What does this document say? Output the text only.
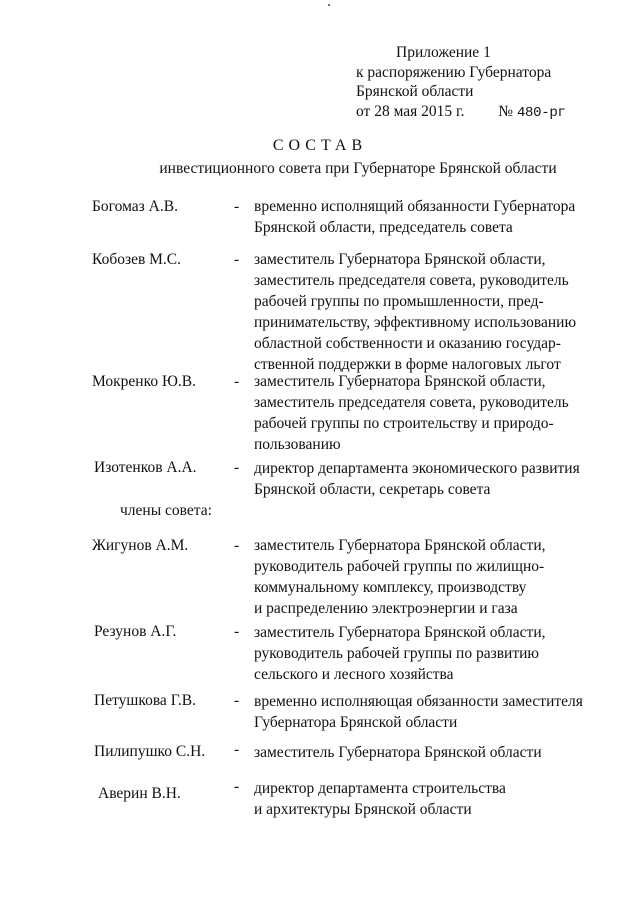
Приложение 1
к распоряжению Губернатора
Брянской области
от 28 мая 2015 г. № 480-рг
СОСТАВ
инвестиционного совета при Губернаторе Брянской области
Богомаз А.В.	- временно исполнящий обязанности Губернатора
Брянской области, председатель совета
Кобозев М.С.	- заместитель Губернатора Брянской области,
заместитель председателя совета, руководитель
рабочей группы по промышленности, пред-
принимательству, эффективному использованию
областной собственности и оказанию государ-
ственной поддержки в форме налоговых льгот
Мокренко Ю.В. - заместитель Губернатора Брянской области,
заместитель председателя совета, руководитель
рабочей группы по строительству и природо-
пользованию
Изотенков А.А. - директор департамента экономического развития
Брянской области, секретарь совета
члены совета:
Жигунов А.М.	- заместитель Губернатора Брянской области,
руководитель рабочей группы по жилищно-
коммунальному комплексу, производству
и распределению электроэнергии и газа
Резунов А.Г.	- заместитель Губернатора Брянской области,
руководитель рабочей группы по развитию
сельского и лесного хозяйства
Петушкова Г.В. - временно исполняющая обязанности заместителя
Губернатора Брянской области
Пилипушко С.Н. - заместитель Губернатора Брянской области
Аверин В.Н.	- директор департамента строительства
и архитектуры Брянской области
